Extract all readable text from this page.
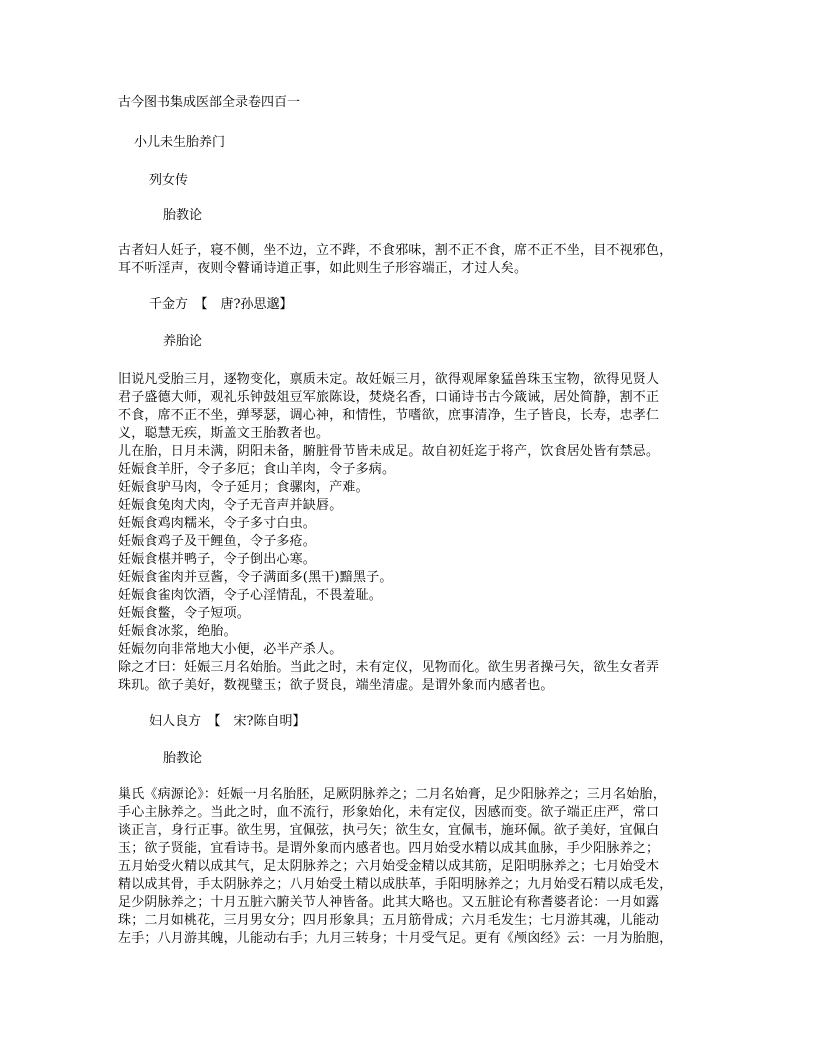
古今图书集成医部全录卷四百一
小儿未生胎养门
列女传
胎教论
古者妇人妊子，寝不侧，坐不边，立不跸，不食邪味，割不正不食，席不正不坐，目不视邪色，
耳不听淫声，夜则令瞽诵诗道正事，如此则生子形容端正，才过人矣。
千金方　【　唐?孙思邈】
养胎论
旧说凡受胎三月，逐物变化，禀质未定。故妊娠三月，欲得观犀象猛兽珠玉宝物，欲得见贤人
君子盛德大师，观礼乐钟鼓俎豆军旅陈设，焚烧名香，口诵诗书古今箴诫，居处简静，割不正
不食，席不正不坐，弹琴瑟，调心神，和情性，节嗜欲，庶事清净，生子皆良，长寿，忠孝仁
义，聪慧无疾，斯盖文王胎教者也。
儿在胎，日月未满，阴阳未备，腑脏骨节皆未成足。故自初妊迄于将产，饮食居处皆有禁忌。
妊娠食羊肝，令子多厄；食山羊肉，令子多病。
妊娠食驴马肉，令子延月；食骡肉，产难。
妊娠食兔肉犬肉，令子无音声并缺唇。
妊娠食鸡肉糯米，令子多寸白虫。
妊娠食鸡子及干鲤鱼，令子多疮。
妊娠食椹并鸭子，令子倒出心寒。
妊娠食雀肉并豆酱，令子满面多(黑干)黯黑子。
妊娠食雀肉饮酒，令子心淫情乱，不畏羞耻。
妊娠食鳖，令子短项。
妊娠食冰浆，绝胎。
妊娠勿向非常地大小便，必半产杀人。
除之才曰：妊娠三月名始胎。当此之时，未有定仪，见物而化。欲生男者操弓矢，欲生女者弄
珠玑。欲子美好，数视璧玉；欲子贤良，端坐清虚。是谓外象而内感者也。
妇人良方　【　宋?陈自明】
胎教论
巢氏《病源论》：妊娠一月名胎胚，足厥阴脉养之；二月名始膏，足少阳脉养之；三月名始胎，
手心主脉养之。当此之时，血不流行，形象始化，未有定仪，因感而变。欲子端正庄严，常口
谈正言，身行正事。欲生男，宜佩弦，执弓矢；欲生女，宜佩韦，施环佩。欲子美好，宜佩白
玉；欲子贤能，宜看诗书。是谓外象而内感者也。四月始受水精以成其血脉，手少阳脉养之；
五月始受火精以成其气，足太阴脉养之；六月始受金精以成其筋，足阳明脉养之；七月始受木
精以成其骨，手太阴脉养之；八月始受土精以成肤革，手阳明脉养之；九月始受石精以成毛发，
足少阴脉养之；十月五脏六腑关节人神皆备。此其大略也。又五脏论有称耆婆者论：一月如露
珠；二月如桃花，三月男女分；四月形象具；五月筋骨成；六月毛发生；七月游其魂，儿能动
左手；八月游其魄，儿能动右手；九月三转身；十月受气足。更有《颅囟经》云：一月为胎胞，
